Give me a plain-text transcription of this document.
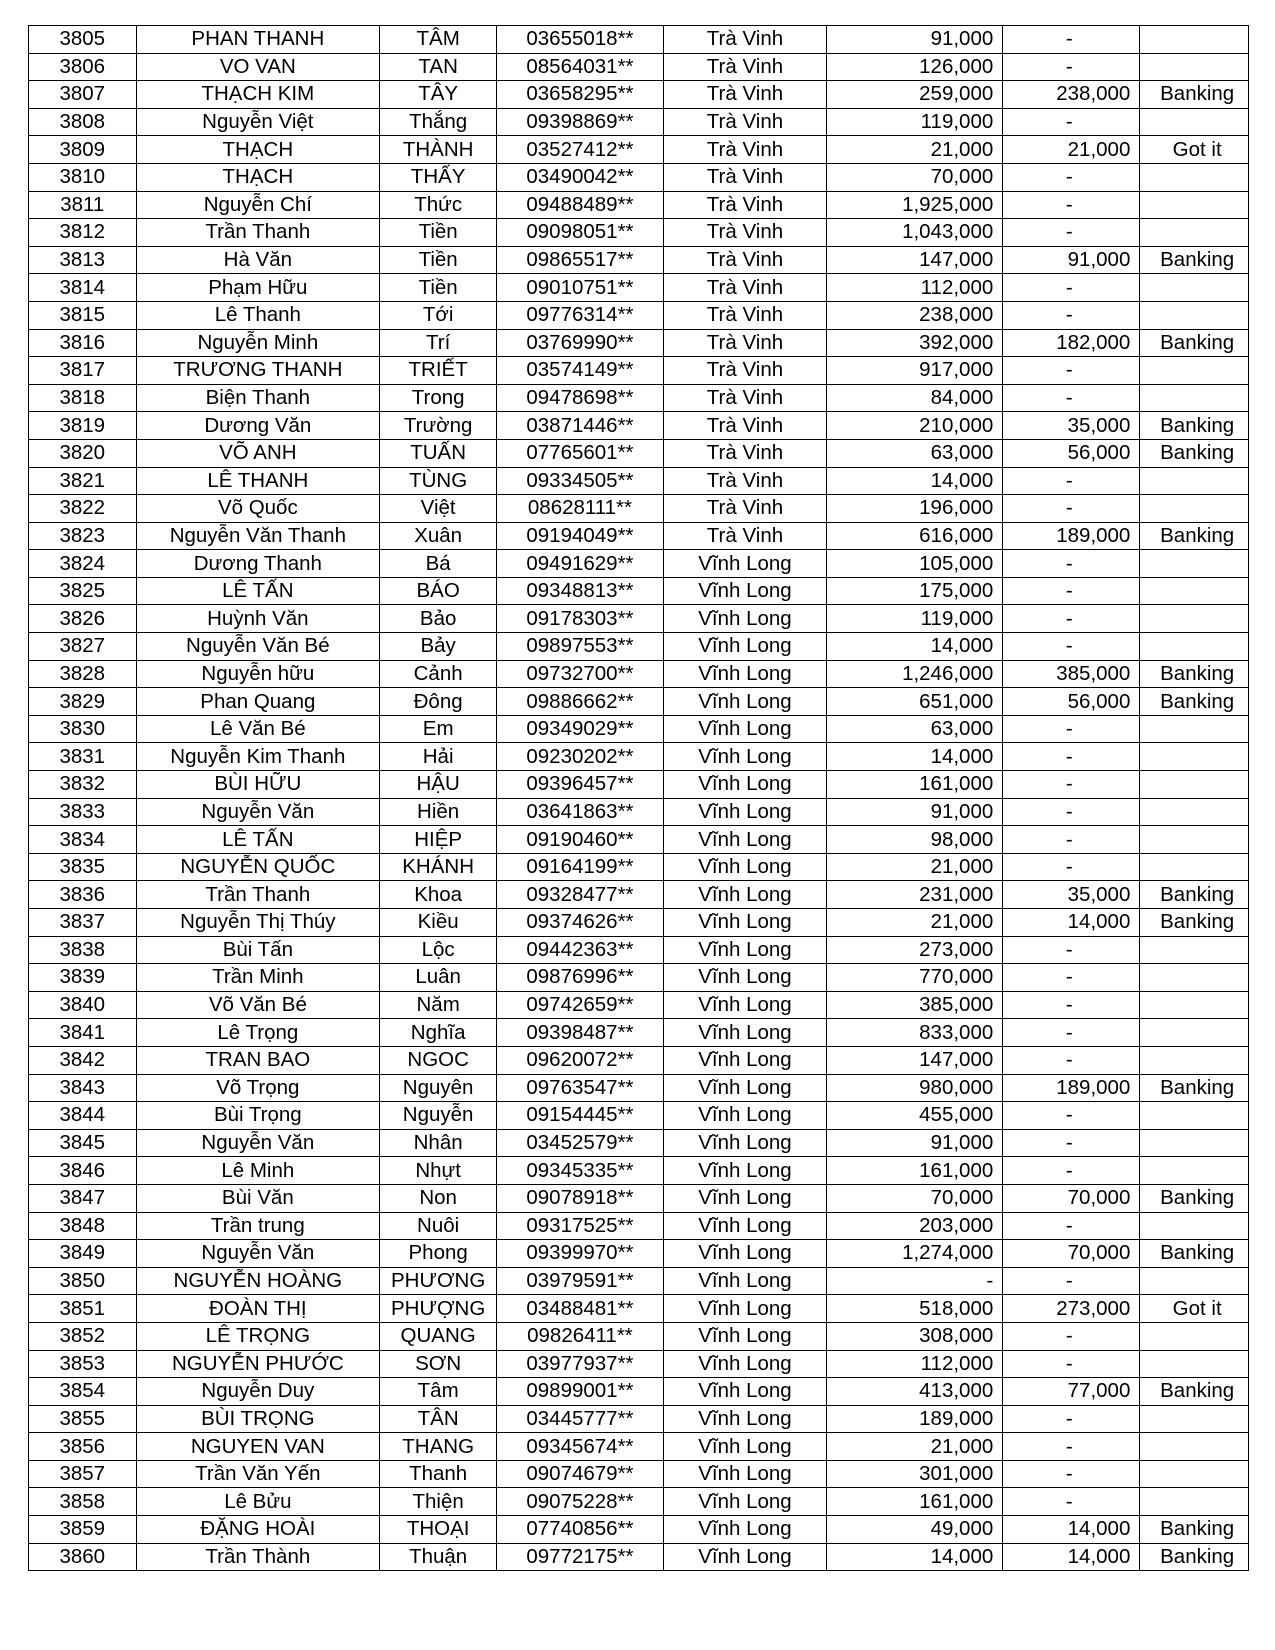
3805	PHAN THANH	TÂM	03655018**	Trà Vinh	91,000	-	
3806	VO VAN	TAN	08564031**	Trà Vinh	126,000	-	
3807	THẠCH KIM	TÂY	03658295**	Trà Vinh	259,000	238,000	Banking
3808	Nguyễn Việt	Thắng	09398869**	Trà Vinh	119,000	-	
3809	THẠCH	THÀNH	03527412**	Trà Vinh	21,000	21,000	Got it
3810	THẠCH	THẤY	03490042**	Trà Vinh	70,000	-	
3811	Nguyễn Chí	Thức	09488489**	Trà Vinh	1,925,000	-	
3812	Trần Thanh	Tiền	09098051**	Trà Vinh	1,043,000	-	
3813	Hà Văn	Tiền	09865517**	Trà Vinh	147,000	91,000	Banking
3814	Phạm Hữu	Tiền	09010751**	Trà Vinh	112,000	-	
3815	Lê Thanh	Tới	09776314**	Trà Vinh	238,000	-	
3816	Nguyễn Minh	Trí	03769990**	Trà Vinh	392,000	182,000	Banking
3817	TRƯƠNG THANH	TRIẾT	03574149**	Trà Vinh	917,000	-	
3818	Biện Thanh	Trong	09478698**	Trà Vinh	84,000	-	
3819	Dương Văn	Trường	03871446**	Trà Vinh	210,000	35,000	Banking
3820	VÕ ANH	TUẤN	07765601**	Trà Vinh	63,000	56,000	Banking
3821	LÊ THANH	TÙNG	09334505**	Trà Vinh	14,000	-	
3822	Võ Quốc	Việt	08628111**	Trà Vinh	196,000	-	
3823	Nguyễn Văn Thanh	Xuân	09194049**	Trà Vinh	616,000	189,000	Banking
3824	Dương Thanh	Bá	09491629**	Vĩnh Long	105,000	-	
3825	LÊ TẤN	BÁO	09348813**	Vĩnh Long	175,000	-	
3826	Huỳnh Văn	Bảo	09178303**	Vĩnh Long	119,000	-	
3827	Nguyễn Văn Bé	Bảy	09897553**	Vĩnh Long	14,000	-	
3828	Nguyễn hữu	Cảnh	09732700**	Vĩnh Long	1,246,000	385,000	Banking
3829	Phan Quang	Đông	09886662**	Vĩnh Long	651,000	56,000	Banking
3830	Lê Văn Bé	Em	09349029**	Vĩnh Long	63,000	-	
3831	Nguyễn Kim Thanh	Hải	09230202**	Vĩnh Long	14,000	-	
3832	BÙI HỮU	HẬU	09396457**	Vĩnh Long	161,000	-	
3833	Nguyễn Văn	Hiền	03641863**	Vĩnh Long	91,000	-	
3834	LÊ TẤN	HIỆP	09190460**	Vĩnh Long	98,000	-	
3835	NGUYỄN QUỐC	KHÁNH	09164199**	Vĩnh Long	21,000	-	
3836	Trần Thanh	Khoa	09328477**	Vĩnh Long	231,000	35,000	Banking
3837	Nguyễn Thị Thúy	Kiều	09374626**	Vĩnh Long	21,000	14,000	Banking
3838	Bùi Tấn	Lộc	09442363**	Vĩnh Long	273,000	-	
3839	Trần Minh	Luân	09876996**	Vĩnh Long	770,000	-	
3840	Võ Văn Bé	Năm	09742659**	Vĩnh Long	385,000	-	
3841	Lê Trọng	Nghĩa	09398487**	Vĩnh Long	833,000	-	
3842	TRAN BAO	NGOC	09620072**	Vĩnh Long	147,000	-	
3843	Võ Trọng	Nguyên	09763547**	Vĩnh Long	980,000	189,000	Banking
3844	Bùi Trọng	Nguyễn	09154445**	Vĩnh Long	455,000	-	
3845	Nguyễn Văn	Nhân	03452579**	Vĩnh Long	91,000	-	
3846	Lê Minh	Nhựt	09345335**	Vĩnh Long	161,000	-	
3847	Bùi Văn	Non	09078918**	Vĩnh Long	70,000	70,000	Banking
3848	Trần trung	Nuôi	09317525**	Vĩnh Long	203,000	-	
3849	Nguyễn Văn	Phong	09399970**	Vĩnh Long	1,274,000	70,000	Banking
3850	NGUYỄN HOÀNG	PHƯƠNG	03979591**	Vĩnh Long	-	-	
3851	ĐOÀN THỊ	PHƯỢNG	03488481**	Vĩnh Long	518,000	273,000	Got it
3852	LÊ TRỌNG	QUANG	09826411**	Vĩnh Long	308,000	-	
3853	NGUYỄN PHƯỚC	SƠN	03977937**	Vĩnh Long	112,000	-	
3854	Nguyễn Duy	Tâm	09899001**	Vĩnh Long	413,000	77,000	Banking
3855	BÙI TRỌNG	TÂN	03445777**	Vĩnh Long	189,000	-	
3856	NGUYEN VAN	THANG	09345674**	Vĩnh Long	21,000	-	
3857	Trần Văn Yến	Thanh	09074679**	Vĩnh Long	301,000	-	
3858	Lê Bửu	Thiện	09075228**	Vĩnh Long	161,000	-	
3859	ĐẶNG HOÀI	THOẠI	07740856**	Vĩnh Long	49,000	14,000	Banking
3860	Trần Thành	Thuận	09772175**	Vĩnh Long	14,000	14,000	Banking
